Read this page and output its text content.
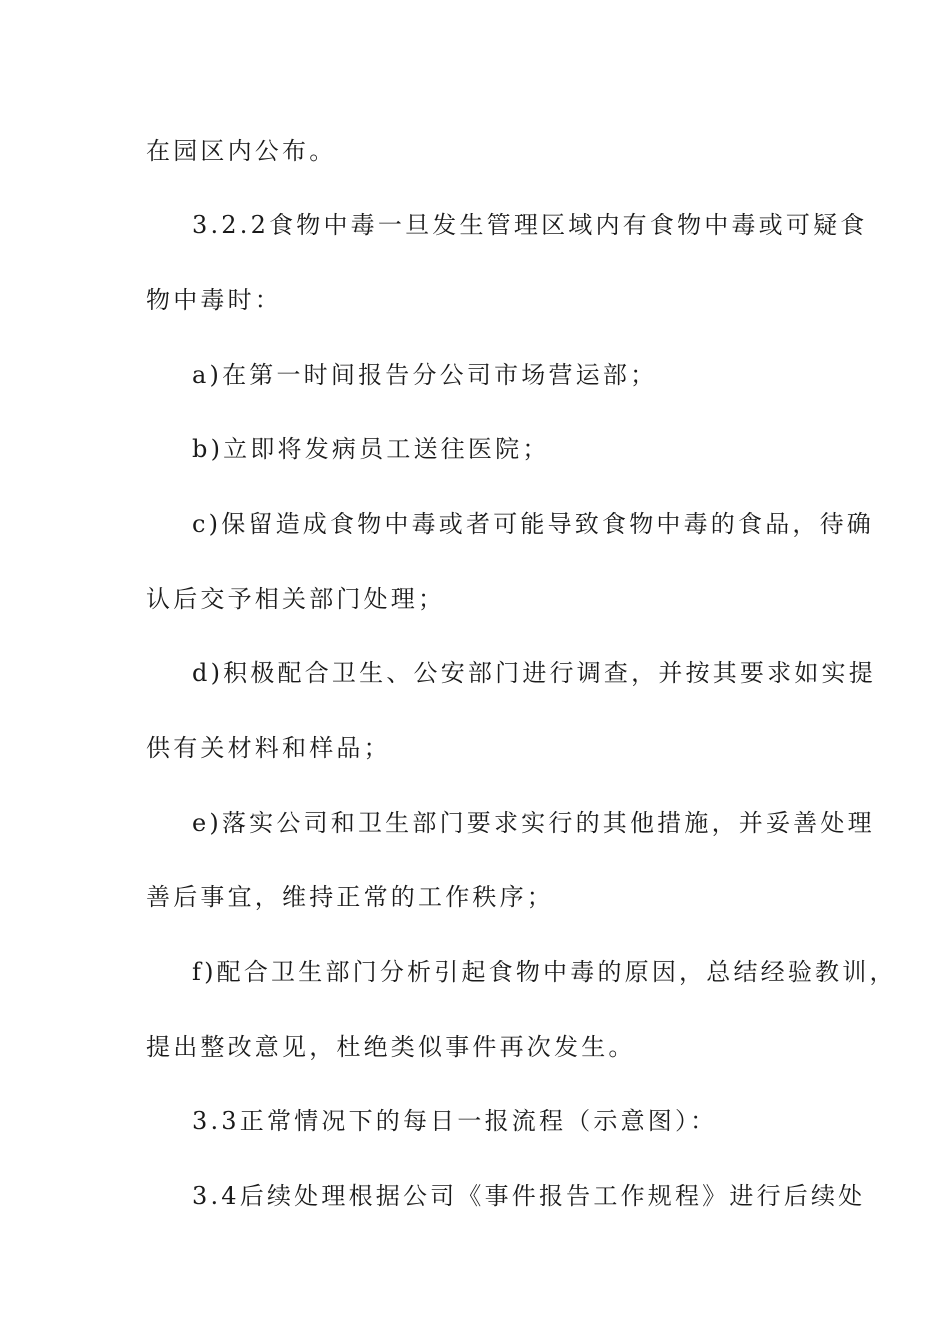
在园区内公布。
3.2.2食物中毒一旦发生管理区域内有食物中毒或可疑食
物中毒时：
a)在第一时间报告分公司市场营运部；
b)立即将发病员工送往医院；
c)保留造成食物中毒或者可能导致食物中毒的食品，待确
认后交予相关部门处理；
d)积极配合卫生、公安部门进行调查，并按其要求如实提
供有关材料和样品；
e)落实公司和卫生部门要求实行的其他措施，并妥善处理
善后事宜，维持正常的工作秩序；
f)配合卫生部门分析引起食物中毒的原因，总结经验教训，
提出整改意见，杜绝类似事件再次发生。
3.3正常情况下的每日一报流程（示意图）：
3.4后续处理根据公司《事件报告工作规程》进行后续处
